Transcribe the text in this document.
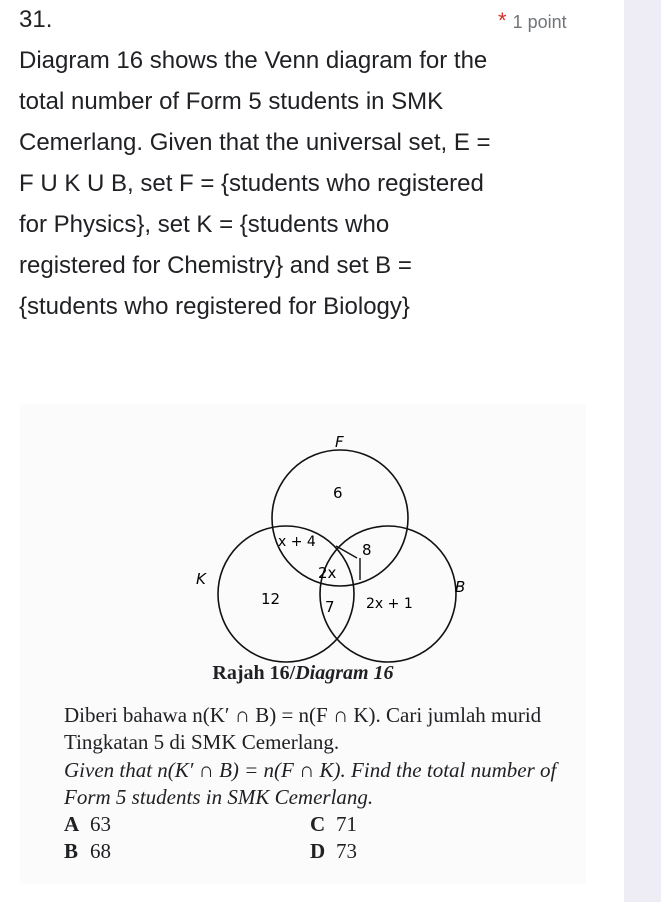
31.	* 1 point
Diagram 16 shows the Venn diagram for the total number of Form 5 students in SMK Cemerlang. Given that the universal set, E = F U K U B, set F = {students who registered for Physics}, set K = {students who registered for Chemistry} and set B = {students who registered for Biology}
F
K	B
6
x + 4	8
2x
12	7 2x + 1
Rajah 16/Diagram 16
Diberi bahawa n(K′ ∩ B) = n(F ∩ K). Cari jumlah murid Tingkatan 5 di SMK Cemerlang.
Given that n(K′ ∩ B) = n(F ∩ K). Find the total number of Form 5 students in SMK Cemerlang.
A 63
B 68
C 71
D 73
